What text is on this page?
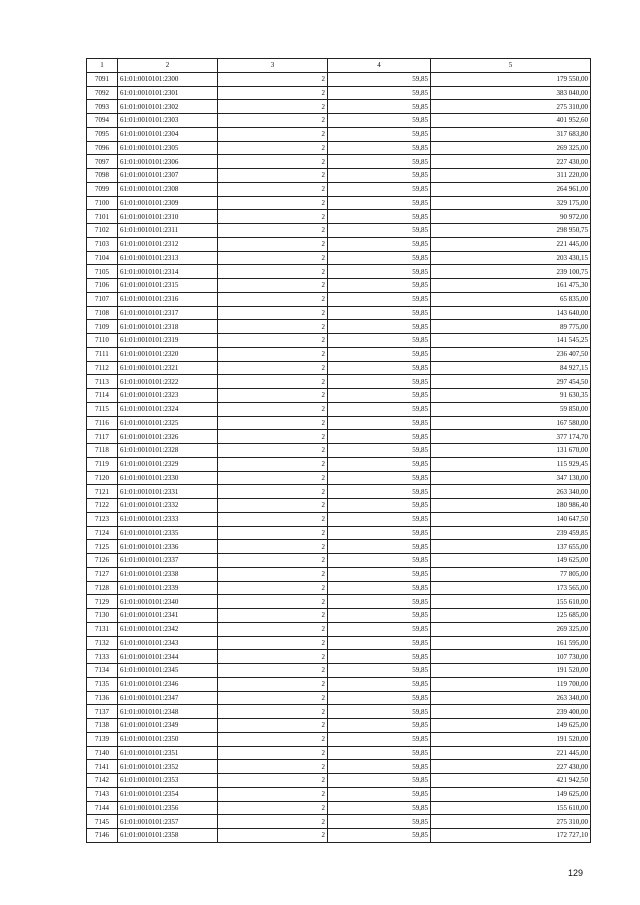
1	2	3	4	5
7091	61:01:0010101:2300	2	59,85	179 550,00
7092	61:01:0010101:2301	2	59,85	383 040,00
7093	61:01:0010101:2302	2	59,85	275 310,00
7094	61:01:0010101:2303	2	59,85	401 952,60
7095	61:01:0010101:2304	2	59,85	317 683,80
7096	61:01:0010101:2305	2	59,85	269 325,00
7097	61:01:0010101:2306	2	59,85	227 430,00
7098	61:01:0010101:2307	2	59,85	311 220,00
7099	61:01:0010101:2308	2	59,85	264 961,00
7100	61:01:0010101:2309	2	59,85	329 175,00
7101	61:01:0010101:2310	2	59,85	90 972,00
7102	61:01:0010101:2311	2	59,85	298 950,75
7103	61:01:0010101:2312	2	59,85	221 445,00
7104	61:01:0010101:2313	2	59,85	203 430,15
7105	61:01:0010101:2314	2	59,85	239 100,75
7106	61:01:0010101:2315	2	59,85	161 475,30
7107	61:01:0010101:2316	2	59,85	65 835,00
7108	61:01:0010101:2317	2	59,85	143 640,00
7109	61:01:0010101:2318	2	59,85	89 775,00
7110	61:01:0010101:2319	2	59,85	141 545,25
7111	61:01:0010101:2320	2	59,85	236 407,50
7112	61:01:0010101:2321	2	59,85	84 927,15
7113	61:01:0010101:2322	2	59,85	297 454,50
7114	61:01:0010101:2323	2	59,85	91 630,35
7115	61:01:0010101:2324	2	59,85	59 850,00
7116	61:01:0010101:2325	2	59,85	167 580,00
7117	61:01:0010101:2326	2	59,85	377 174,70
7118	61:01:0010101:2328	2	59,85	131 670,00
7119	61:01:0010101:2329	2	59,85	115 929,45
7120	61:01:0010101:2330	2	59,85	347 130,00
7121	61:01:0010101:2331	2	59,85	263 340,00
7122	61:01:0010101:2332	2	59,85	180 986,40
7123	61:01:0010101:2333	2	59,85	140 647,50
7124	61:01:0010101:2335	2	59,85	239 459,85
7125	61:01:0010101:2336	2	59,85	137 655,00
7126	61:01:0010101:2337	2	59,85	149 625,00
7127	61:01:0010101:2338	2	59,85	77 805,00
7128	61:01:0010101:2339	2	59,85	173 565,00
7129	61:01:0010101:2340	2	59,85	155 610,00
7130	61:01:0010101:2341	2	59,85	125 685,00
7131	61:01:0010101:2342	2	59,85	269 325,00
7132	61:01:0010101:2343	2	59,85	161 595,00
7133	61:01:0010101:2344	2	59,85	107 730,00
7134	61:01:0010101:2345	2	59,85	191 520,00
7135	61:01:0010101:2346	2	59,85	119 700,00
7136	61:01:0010101:2347	2	59,85	263 340,00
7137	61:01:0010101:2348	2	59,85	239 400,00
7138	61:01:0010101:2349	2	59,85	149 625,00
7139	61:01:0010101:2350	2	59,85	191 520,00
7140	61:01:0010101:2351	2	59,85	221 445,00
7141	61:01:0010101:2352	2	59,85	227 430,00
7142	61:01:0010101:2353	2	59,85	421 942,50
7143	61:01:0010101:2354	2	59,85	149 625,00
7144	61:01:0010101:2356	2	59,85	155 610,00
7145	61:01:0010101:2357	2	59,85	275 310,00
7146	61:01:0010101:2358	2	59,85	172 727,10
129
